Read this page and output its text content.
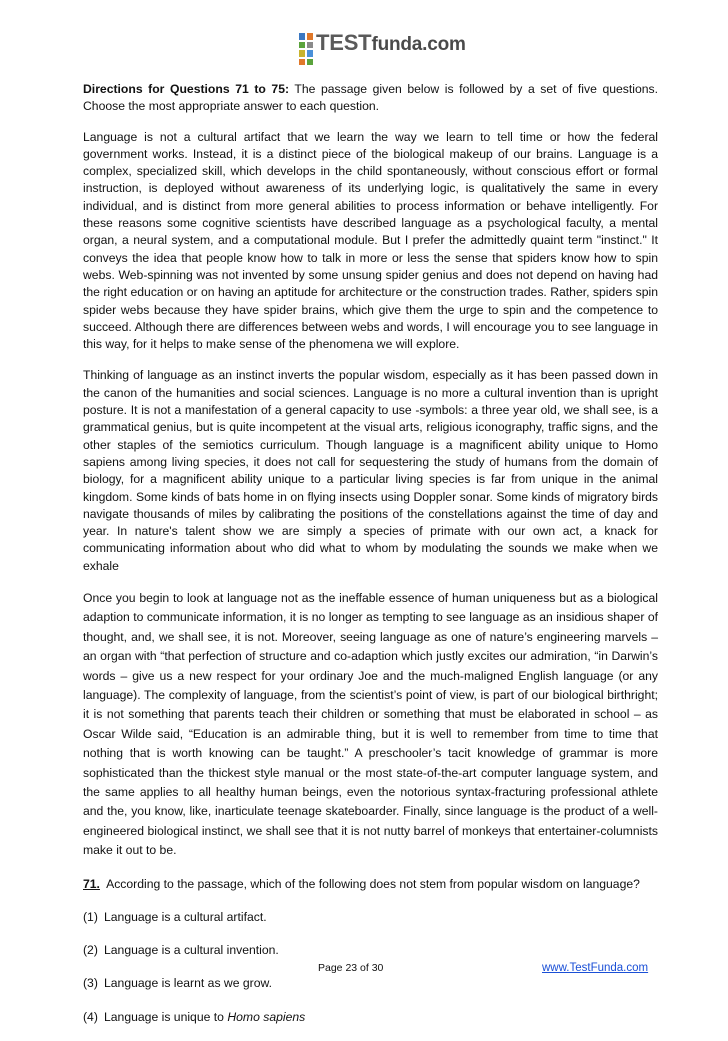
TESTfunda.com

Directions for Questions 71 to 75: The passage given below is followed by a set of five questions. Choose the most appropriate answer to each question.

Language is not a cultural artifact that we learn the way we learn to tell time or how the federal government works. Instead, it is a distinct piece of the biological makeup of our brains. Language is a complex, specialized skill, which develops in the child spontaneously, without conscious effort or formal instruction, is deployed without awareness of its underlying logic, is qualitatively the same in every individual, and is distinct from more general abilities to process information or behave intelligently. For these reasons some cognitive scientists have described language as a psychological faculty, a mental organ, a neural system, and a computational module. But I prefer the admittedly quaint term "instinct." It conveys the idea that people know how to talk in more or less the sense that spiders know how to spin webs. Web-spinning was not invented by some unsung spider genius and does not depend on having had the right education or on having an aptitude for architecture or the construction trades. Rather, spiders spin spider webs because they have spider brains, which give them the urge to spin and the competence to succeed. Although there are differences between webs and words, I will encourage you to see language in this way, for it helps to make sense of the phenomena we will explore.

Thinking of language as an instinct inverts the popular wisdom, especially as it has been passed down in the canon of the humanities and social sciences. Language is no more a cultural invention than is upright posture. It is not a manifestation of a general capacity to use -symbols: a three year old, we shall see, is a grammatical genius, but is quite incompetent at the visual arts, religious iconography, traffic signs, and the other staples of the semiotics curriculum. Though language is a magnificent ability unique to Homo sapiens among living species, it does not call for sequestering the study of humans from the domain of biology, for a magnificent ability unique to a particular living species is far from unique in the animal kingdom. Some kinds of bats home in on flying insects using Doppler sonar. Some kinds of migratory birds navigate thousands of miles by calibrating the positions of the constellations against the time of day and year. In nature's talent show we are simply a species of primate with our own act, a knack for communicating information about who did what to whom by modulating the sounds we make when we exhale

Once you begin to look at language not as the ineffable essence of human uniqueness but as a biological adaption to communicate information, it is no longer as tempting to see language as an insidious shaper of thought, and, we shall see, it is not. Moreover, seeing language as one of nature’s engineering marvels – an organ with “that perfection of structure and co-adaption which justly excites our admiration, “in Darwin’s words – give us a new respect for your ordinary Joe and the much-maligned English language (or any language). The complexity of language, from the scientist’s point of view, is part of our biological birthright; it is not something that parents teach their children or something that must be elaborated in school – as Oscar Wilde said, “Education is an admirable thing, but it is well to remember from time to time that nothing that is worth knowing can be taught.” A preschooler’s tacit knowledge of grammar is more sophisticated than the thickest style manual or the most state-of-the-art computer language system, and the same applies to all healthy human beings, even the notorious syntax-fracturing professional athlete and the, you know, like, inarticulate teenage skateboarder. Finally, since language is the product of a well-engineered biological instinct, we shall see that it is not nutty barrel of monkeys that entertainer-columnists make it out to be.

71. According to the passage, which of the following does not stem from popular wisdom on language?

(1) Language is a cultural artifact.

(2) Language is a cultural invention.

(3) Language is learnt as we grow.

(4) Language is unique to Homo sapiens

Page 23 of 30	www.TestFunda.com
